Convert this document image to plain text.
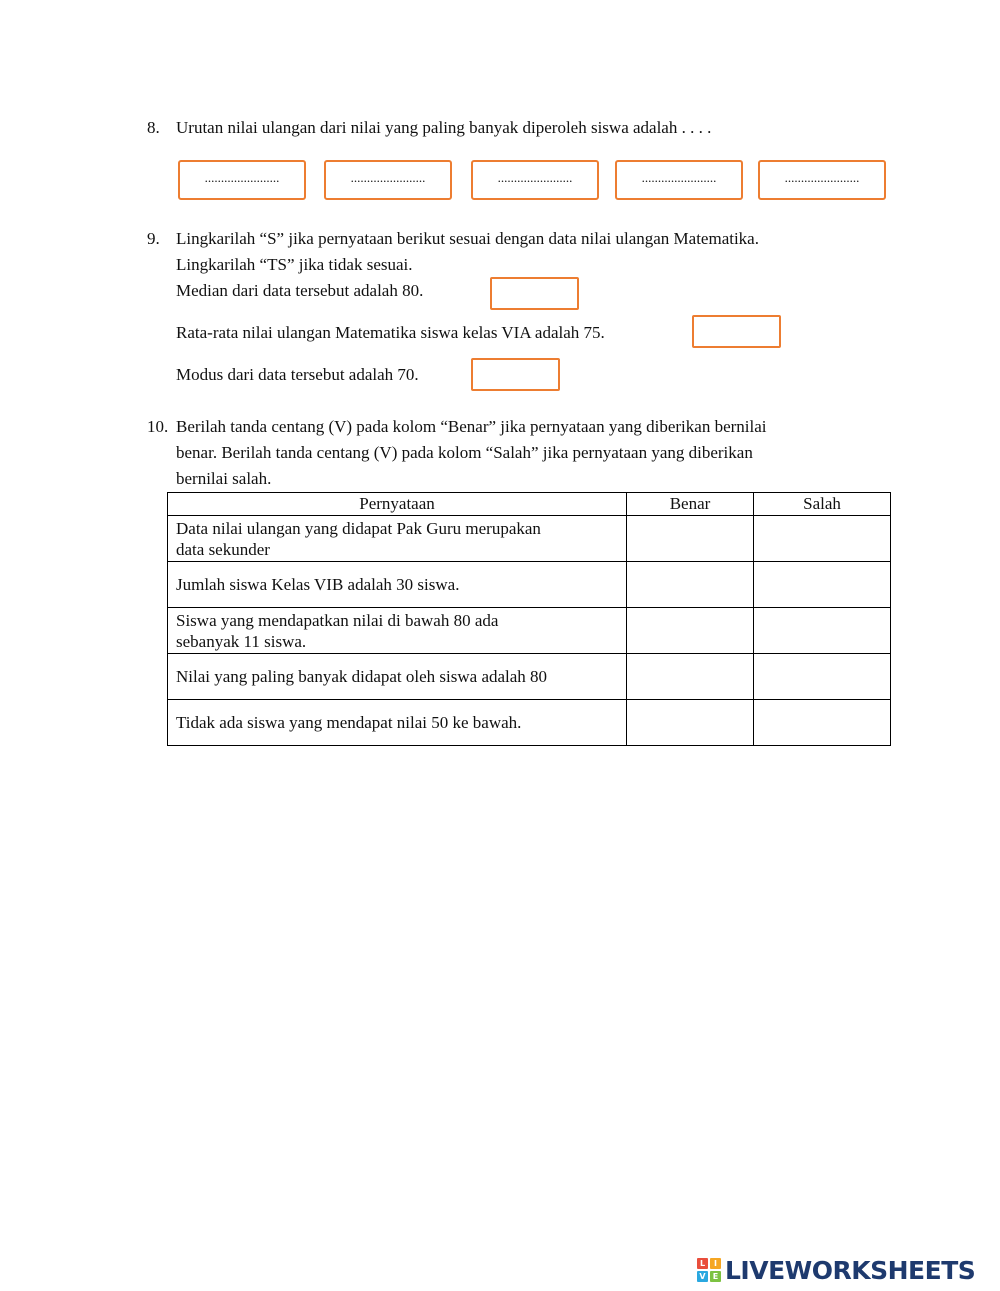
8. Urutan nilai ulangan dari nilai yang paling banyak diperoleh siswa adalah . . . .
.......................	.......................	.......................	.......................	.......................
9. Lingkarilah “S” jika pernyataan berikut sesuai dengan data nilai ulangan Matematika.
Lingkarilah “TS” jika tidak sesuai.
Median dari data tersebut adalah 80.
Rata-rata nilai ulangan Matematika siswa kelas VIA adalah 75.
Modus dari data tersebut adalah 70.
10. Berilah tanda centang (V) pada kolom “Benar” jika pernyataan yang diberikan bernilai
benar. Berilah tanda centang (V) pada kolom “Salah” jika pernyataan yang diberikan
bernilai salah.
Pernyataan	Benar	Salah
Data nilai ulangan yang didapat Pak Guru merupakan
data sekunder		
Jumlah siswa Kelas VIB adalah 30 siswa.		
Siswa yang mendapatkan nilai di bawah 80 ada
sebanyak 11 siswa.		
Nilai yang paling banyak didapat oleh siswa adalah 80		
Tidak ada siswa yang mendapat nilai 50 ke bawah.		
L	I
V E LIVEWORKSHEETS
